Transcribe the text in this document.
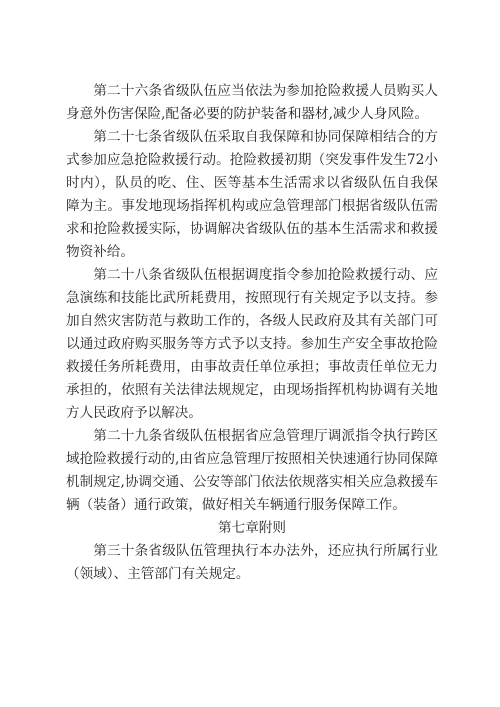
第二十六条省级队伍应当依法为参加抢险救援人员购买人身意外伤害保险,配备必要的防护装备和器材,减少人身风险。

第二十七条省级队伍采取自我保障和协同保障相结合的方式参加应急抢险救援行动。抢险救援初期（突发事件发生72小时内），队员的吃、住、医等基本生活需求以省级队伍自我保障为主。事发地现场指挥机构或应急管理部门根据省级队伍需求和抢险救援实际，协调解决省级队伍的基本生活需求和救援物资补给。

第二十八条省级队伍根据调度指令参加抢险救援行动、应急演练和技能比武所耗费用，按照现行有关规定予以支持。参加自然灾害防范与救助工作的，各级人民政府及其有关部门可以通过政府购买服务等方式予以支持。参加生产安全事故抢险救援任务所耗费用，由事故责任单位承担；事故责任单位无力承担的，依照有关法律法规规定，由现场指挥机构协调有关地方人民政府予以解决。

第二十九条省级队伍根据省应急管理厅调派指令执行跨区域抢险救援行动的,由省应急管理厅按照相关快速通行协同保障机制规定,协调交通、公安等部门依法依规落实相关应急救援车辆（装备）通行政策，做好相关车辆通行服务保障工作。

第七章附则

第三十条省级队伍管理执行本办法外，还应执行所属行业（领域）、主管部门有关规定。
